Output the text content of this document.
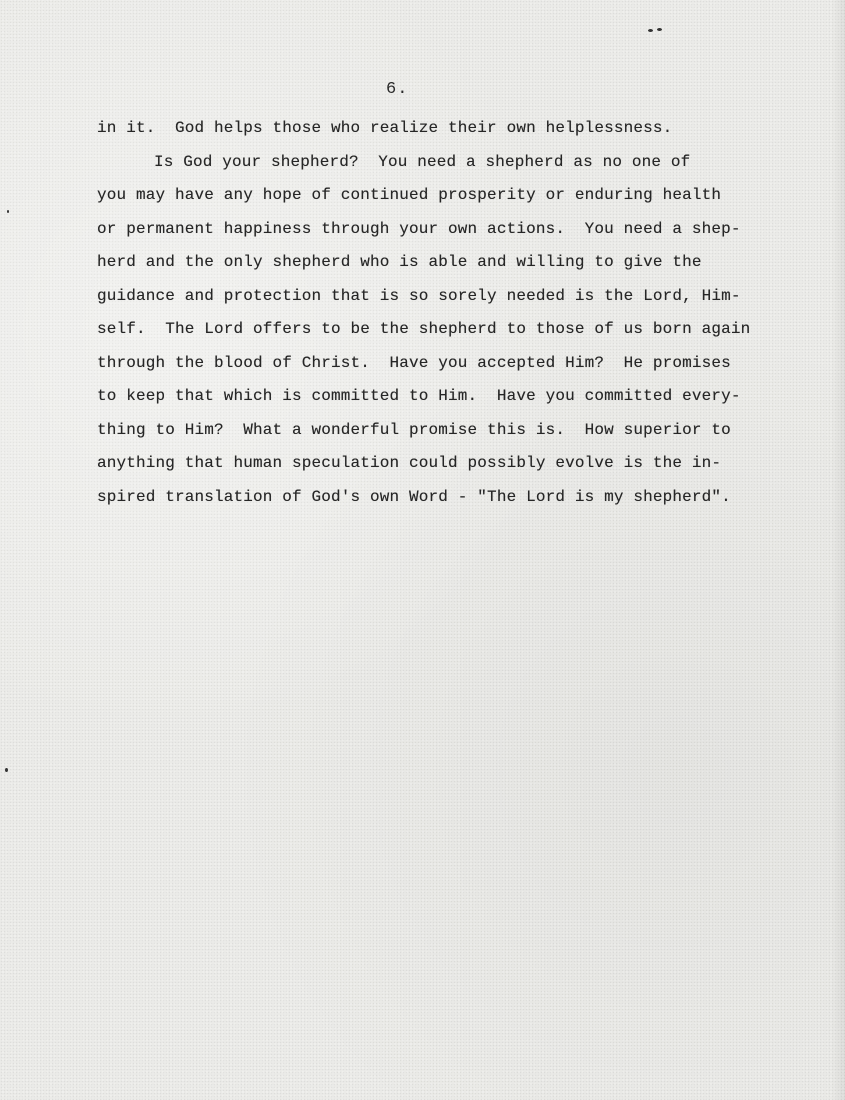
6.
in it.  God helps those who realize their own helplessness.
Is God your shepherd?  You need a shepherd as no one of
you may have any hope of continued prosperity or enduring health
or permanent happiness through your own actions.  You need a shep-
herd and the only shepherd who is able and willing to give the
guidance and protection that is so sorely needed is the Lord, Him-
self.  The Lord offers to be the shepherd to those of us born again
through the blood of Christ.  Have you accepted Him?  He promises
to keep that which is committed to Him.  Have you committed every-
thing to Him?  What a wonderful promise this is.  How superior to
anything that human speculation could possibly evolve is the in-
spired translation of God's own Word - "The Lord is my shepherd".
